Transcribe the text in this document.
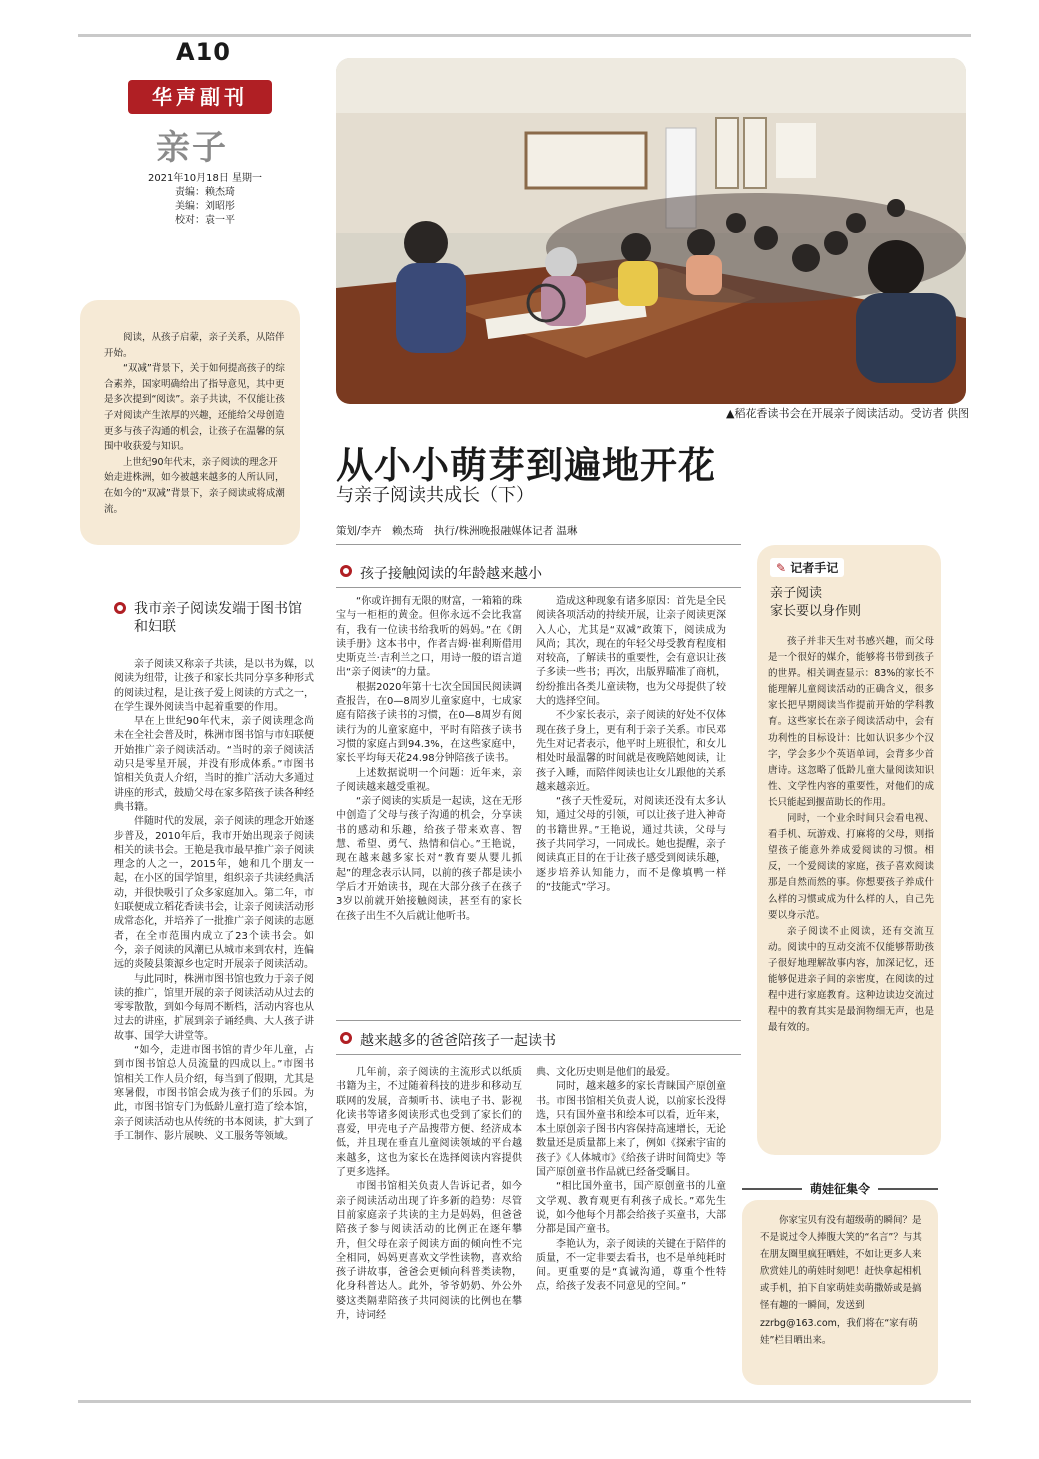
A10
华声副刊
亲子
2021年10月18日 星期一
责编：赖杰琦
美编：刘昭彤
校对：袁一平
▲稻花香读书会在开展亲子阅读活动。受访者 供图

阅读，从孩子启蒙，亲子关系，从陪伴开始。

“双减”背景下，关于如何提高孩子的综合素养，国家明确给出了指导意见，其中更是多次提到“阅读”。亲子共读，不仅能让孩子对阅读产生浓厚的兴趣，还能给父母创造更多与孩子沟通的机会，让孩子在温馨的氛围中收获爱与知识。

上世纪90年代末，亲子阅读的理念开始走进株洲，如今被越来越多的人所认同，在如今的“双减”背景下，亲子阅读或将成潮流。

从小小萌芽到遍地开花
与亲子阅读共成长（下）
策划/李卉　赖杰琦　执行/株洲晚报融媒体记者 温琳
孩子接触阅读的年龄越来越小
我市亲子阅读发端于图书馆和妇联

亲子阅读又称亲子共读，是以书为媒，以阅读为纽带，让孩子和家长共同分享多种形式的阅读过程，是让孩子爱上阅读的方式之一，在学生课外阅读当中起着重要的作用。

早在上世纪90年代末，亲子阅读理念尚未在全社会普及时，株洲市图书馆与市妇联便开始推广亲子阅读活动。“当时的亲子阅读活动只是零星开展，并没有形成体系。”市图书馆相关负责人介绍，当时的推广活动大多通过讲座的形式，鼓励父母在家多陪孩子读各种经典书籍。

伴随时代的发展，亲子阅读的理念开始逐步普及，2010年后，我市开始出现亲子阅读相关的读书会。王艳是我市最早推广亲子阅读理念的人之一，2015年，她和几个朋友一起，在小区的国学馆里，组织亲子共读经典活动，并很快吸引了众多家庭加入。第二年，市妇联便成立稻花香读书会，让亲子阅读活动形成常态化，并培养了一批推广亲子阅读的志愿者，在全市范围内成立了23个读书会。如今，亲子阅读的风潮已从城市来到农村，连偏远的炎陵县策源乡也定时开展亲子阅读活动。

与此同时，株洲市图书馆也致力于亲子阅读的推广，馆里开展的亲子阅读活动从过去的零零散散，到如今每周不断档，活动内容也从过去的讲座，扩展到亲子诵经典、大人孩子讲故事、国学大讲堂等。

“如今，走进市图书馆的青少年儿童，占到市图书馆总人员流量的四成以上。”市图书馆相关工作人员介绍，每当到了假期，尤其是寒暑假，市图书馆会成为孩子们的乐园。为此，市图书馆专门为低龄儿童打造了绘本馆，亲子阅读活动也从传统的书本阅读，扩大到了手工制作、影片展映、义工服务等领域。

“你或许拥有无限的财富，一箱箱的珠宝与一柜柜的黄金。但你永远不会比我富有，我有一位读书给我听的妈妈。”在《朗读手册》这本书中，作者吉姆·崔利斯借用史斯克兰·吉利兰之口，用诗一般的语言道出“亲子阅读”的力量。

根据2020年第十七次全国国民阅读调查报告，在0—8周岁儿童家庭中，七成家庭有陪孩子读书的习惯，在0—8周岁有阅读行为的儿童家庭中，平时有陪孩子读书习惯的家庭占到94.3%，在这些家庭中，家长平均每天花24.98分钟陪孩子读书。

上述数据说明一个问题：近年来，亲子阅读越来越受重视。

“亲子阅读的实质是一起读，这在无形中创造了父母与孩子沟通的机会，分享读书的感动和乐趣，给孩子带来欢喜、智慧、希望、勇气、热情和信心。”王艳说，现在越来越多家长对“教育要从婴儿抓起”的理念表示认同，以前的孩子都是读小学后才开始读书，现在大部分孩子在孩子3岁以前就开始接触阅读，甚至有的家长在孩子出生不久后就让他听书。

造成这种现象有诸多原因：首先是全民阅读各项活动的持续开展，让亲子阅读更深入人心，尤其是“双减”政策下，阅读成为风尚；其次，现在的年轻父母受教育程度相对较高，了解读书的重要性，会有意识让孩子多读一些书；再次，出版界瞄准了商机，纷纷推出各类儿童读物，也为父母提供了较大的选择空间。

不少家长表示，亲子阅读的好处不仅体现在孩子身上，更有利于亲子关系。市民邓先生对记者表示，他平时上班很忙，和女儿相处时最温馨的时间就是夜晚陪她阅读，让孩子入睡，而陪伴阅读也让女儿跟他的关系越来越亲近。

“孩子天性爱玩，对阅读还没有太多认知，通过父母的引领，可以让孩子进入神奇的书籍世界。”王艳说，通过共读，父母与孩子共同学习，一同成长。她也提醒，亲子阅读真正目的在于让孩子感受到阅读乐趣，逐步培养认知能力，而不是像填鸭一样的“技能式”学习。

越来越多的爸爸陪孩子一起读书

几年前，亲子阅读的主流形式以纸质书籍为主，不过随着科技的进步和移动互联网的发展，音频听书、读电子书、影视化读书等诸多阅读形式也受到了家长们的喜爱，甲壳电子产品搜带方便、经济成本低，并且现在垂直儿童阅读领域的平台越来越多，这也为家长在选择阅读内容提供了更多选择。

市图书馆相关负责人告诉记者，如今亲子阅读活动出现了许多新的趋势：尽管目前家庭亲子共读的主力是妈妈，但爸爸陪孩子参与阅读活动的比例正在逐年攀升，但父母在亲子阅读方面的倾向性不完全相同，妈妈更喜欢文学性读物，喜欢给孩子讲故事，爸爸会更倾向科普类读物，化身科普达人。此外，爷爷奶奶、外公外婆这类隔辈陪孩子共同阅读的比例也在攀升，诗词经

典、文化历史则是他们的最爱。

同时，越来越多的家长青睐国产原创童书。市图书馆相关负责人说，以前家长没得选，只有国外童书和绘本可以看，近年来，本土原创亲子图书内容保持高速增长，无论数量还是质量都上来了，例如《探索宇宙的孩子》《人体城市》《给孩子讲时间简史》等国产原创童书作品就已经备受瞩目。

“相比国外童书，国产原创童书的儿童文学观、教育观更有利孩子成长。”邓先生说，如今他每个月都会给孩子买童书，大部分都是国产童书。

李艳认为，亲子阅读的关键在于陪伴的质量，不一定非要去看书，也不是单纯耗时间。更重要的是“真诚沟通，尊重个性特点，给孩子发表不同意见的空间。”

✎ 记者手记
亲子阅读
家长要以身作则

孩子并非天生对书感兴趣，而父母是一个很好的媒介，能够将书带到孩子的世界。相关调查显示：83%的家长不能理解儿童阅读活动的正确含义，很多家长把早期阅读当作提前开始的学科教育。这些家长在亲子阅读活动中，会有功利性的目标设计：比如认识多少个汉字，学会多少个英语单词，会背多少首唐诗。这忽略了低龄儿童大量阅读知识性、文学性内容的重要性，对他们的成长只能起到揠苗助长的作用。

同时，一个业余时间只会看电视、看手机、玩游戏、打麻将的父母，则指望孩子能意外养成爱阅读的习惯。相反，一个爱阅读的家庭，孩子喜欢阅读那是自然而然的事。你想要孩子养成什么样的习惯或成为什么样的人，自己先要以身示范。

亲子阅读不止阅读，还有交流互动。阅读中的互动交流不仅能够帮助孩子很好地理解故事内容，加深记忆，还能够促进亲子间的亲密度，在阅读的过程中进行家庭教育。这种边读边交流过程中的教育其实是最润物细无声，也是最有效的。

萌娃征集令
你家宝贝有没有超级萌的瞬间？是不是说过令人捧腹大笑的“名言”？与其在朋友圈里疯狂晒娃，不如让更多人来欣赏娃儿的萌娃时刻吧！赶快拿起相机或手机，拍下自家萌娃卖萌撒娇或是搞怪有趣的一瞬间，发送到zzrbg@163.com，我们将在“家有萌娃”栏目晒出来。
